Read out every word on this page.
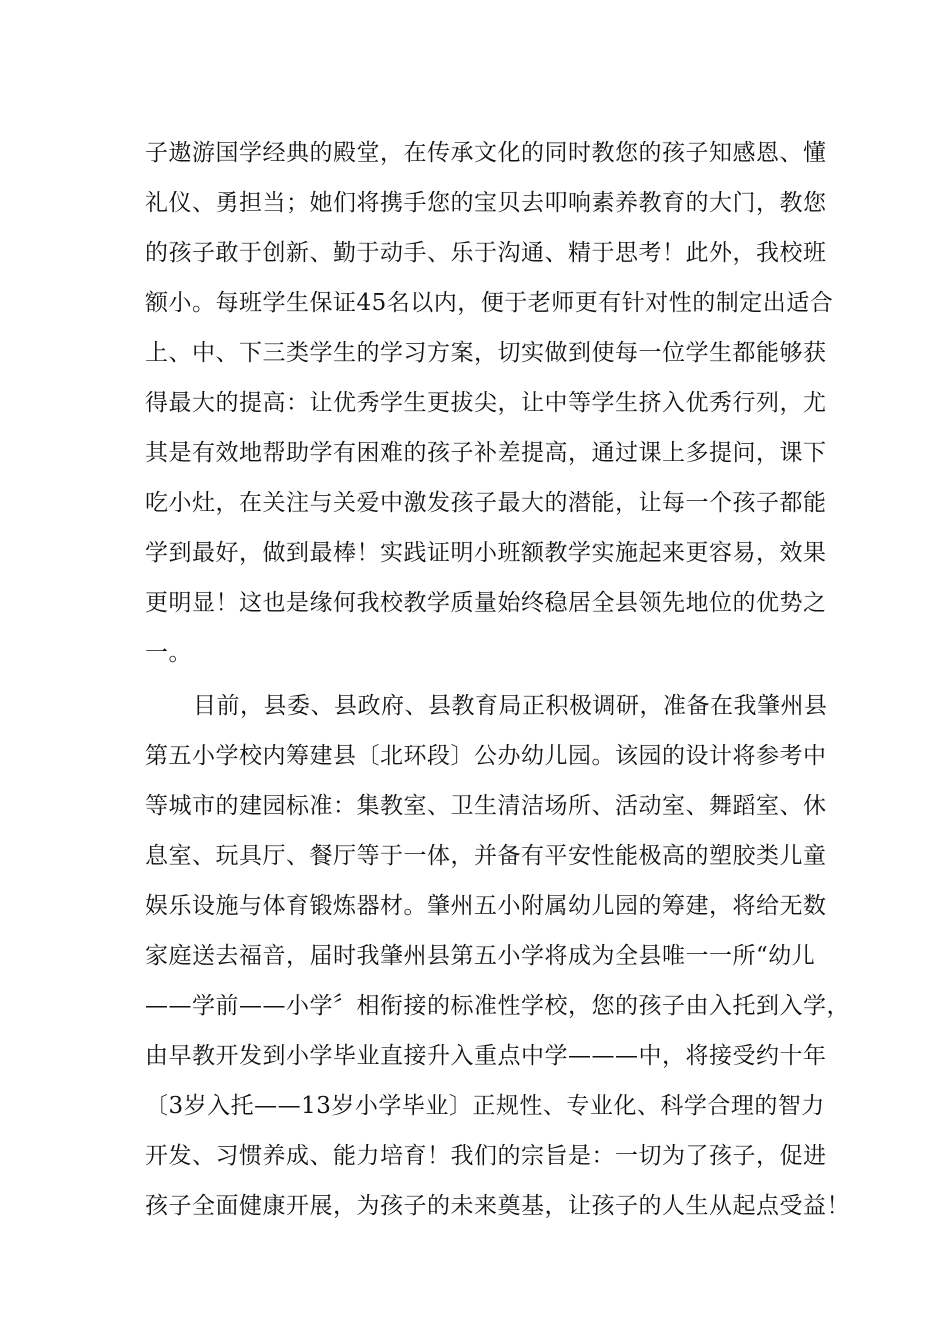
子遨游国学经典的殿堂，在传承文化的同时教您的孩子知感恩、懂
礼仪、勇担当；她们将携手您的宝贝去叩响素养教育的大门，教您
的孩子敢于创新、勤于动手、乐于沟通、精于思考！此外，我校班
额小。每班学生保证45名以内，便于老师更有针对性的制定出适合
上、中、下三类学生的学习方案，切实做到使每一位学生都能够获
得最大的提高：让优秀学生更拔尖，让中等学生挤入优秀行列，尤
其是有效地帮助学有困难的孩子补差提高，通过课上多提问，课下
吃小灶，在关注与关爱中激发孩子最大的潜能，让每一个孩子都能
学到最好，做到最棒！实践证明小班额教学实施起来更容易，效果
更明显！这也是缘何我校教学质量始终稳居全县领先地位的优势之
一。
目前，县委、县政府、县教育局正积极调研，准备在我肇州县
第五小学校内筹建县〔北环段〕公办幼儿园。该园的设计将参考中
等城市的建园标准：集教室、卫生清洁场所、活动室、舞蹈室、休
息室、玩具厅、餐厅等于一体，并备有平安性能极高的塑胶类儿童
娱乐设施与体育锻炼器材。肇州五小附属幼儿园的筹建，将给无数
家庭送去福音，届时我肇州县第五小学将成为全县唯一一所“幼儿
——学前——小学〞相衔接的标准性学校，您的孩子由入托到入学，
由早教开发到小学毕业直接升入重点中学———中，将接受约十年
〔3岁入托——13岁小学毕业〕正规性、专业化、科学合理的智力
开发、习惯养成、能力培育！我们的宗旨是：一切为了孩子，促进
孩子全面健康开展，为孩子的未来奠基，让孩子的人生从起点受益！
